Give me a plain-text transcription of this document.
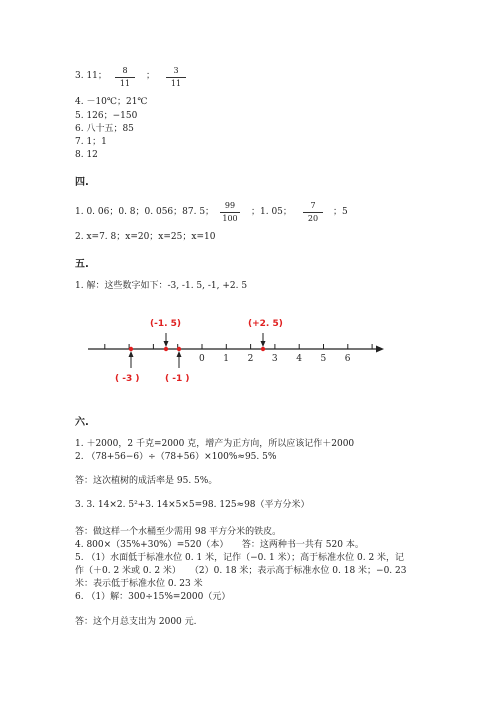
3. 11； $\frac{8}{11}$ ； $\frac{3}{11}$
4. －10℃；21℃
5. 126；−150
6. 八十五；85
7. 1；1
8. 12
四.
1. 0. 06；0. 8；0. 056；87. 5； $\frac{99}{100}$ ；1. 05； $\frac{7}{20}$ ；5
2. x=7. 8；x=20；x=25；x=10
五.
1. 解：这些数字如下：-3, -1. 5, -1, +2. 5
(-1. 5)	(+2. 5)
( -3 )	( -1 )
0 1 2 3 4 5 6
六.
1. ＋2000，2 千克=2000 克，增产为正方向，所以应该记作＋2000
2. （78+56−6）÷（78+56）×100%≈95. 5%
答：这次植树的成活率是 95. 5%。
3. 3. 14×2. 5²+3. 14×5×5=98. 125≈98（平方分米）
答：做这样一个水桶至少需用 98 平方分米的铁皮。
4. 800×（35%+30%）=520（本）　　答：这两种书一共有 520 本。
5. （1）水面低于标准水位 0. 1 米，记作（−0. 1 米）；高于标准水位 0. 2 米，记
作（＋0. 2 米或 0. 2 米）　　（2）0. 18 米；表示高于标准水位 0. 18 米；−0. 23
米：表示低于标准水位 0. 23 米
6. （1）解：300÷15%=2000（元）
答：这个月总支出为 2000 元.
